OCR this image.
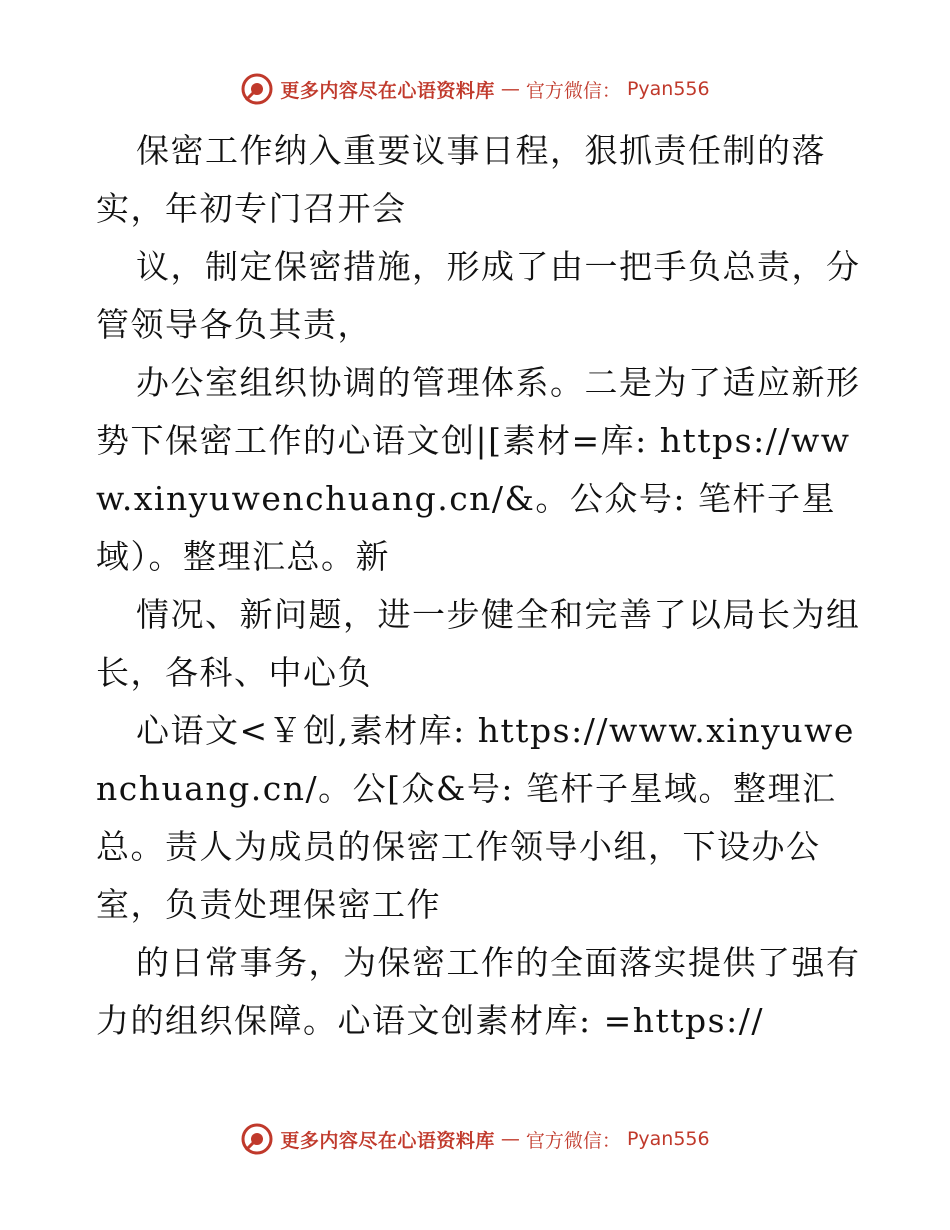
更多内容尽在心语资料库 — 官方微信： Pyan556

保密工作纳入重要议事日程，狠抓责任制的落实，年初专门召开会

议，制定保密措施，形成了由一把手负总责，分管领导各负其责，

办公室组织协调的管理体系。二是为了适应新形势下保密工作的心语文创|[素材=库: https://www.xinyuwenchuang.cn/&。公众号: 笔杆子星域）。整理汇总。新

情况、新问题，进一步健全和完善了以局长为组长，各科、中心负

心语文<￥创,素材库: https://www.xinyuwenchuang.cn/。公[众&号: 笔杆子星域。整理汇总。责人为成员的保密工作领导小组，下设办公室，负责处理保密工作

的日常事务，为保密工作的全面落实提供了强有力的组织保障。心语文创素材库: =https://

更多内容尽在心语资料库 — 官方微信： Pyan556
